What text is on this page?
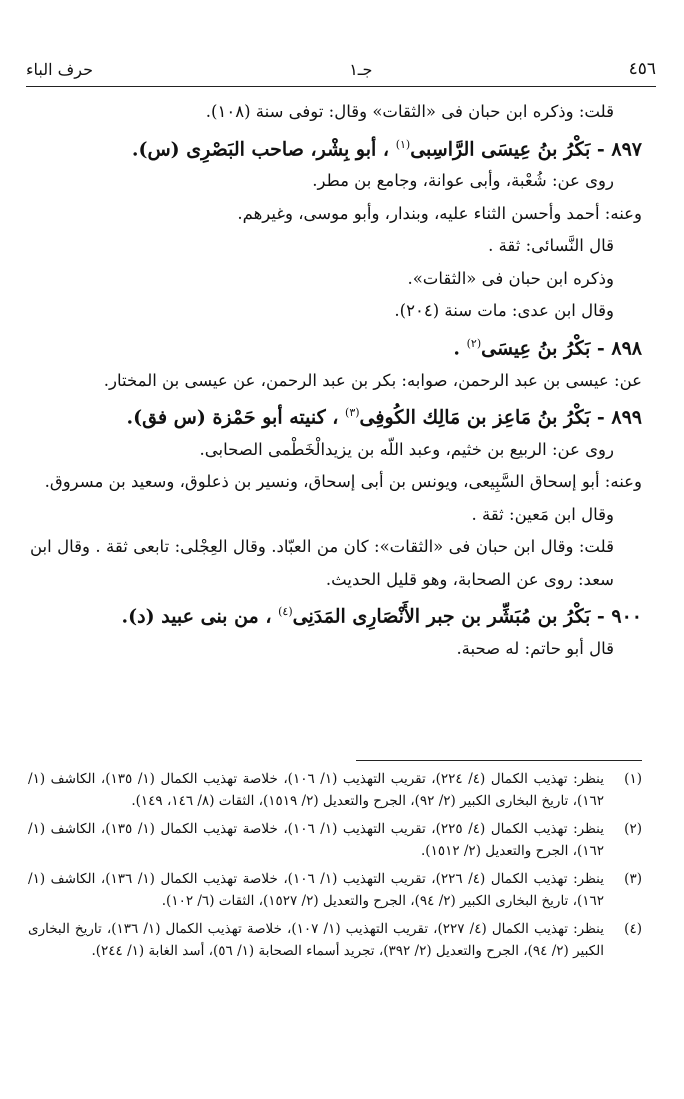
٤٥٦
جـ١
حرف الباء

قلت: وذكره ابن حبان فى «الثقات» وقال: توفى سنة (١٠٨).

٨٩٧ - بَكْرُ بنُ عِيسَى الرَّاسِبى$^{(١)}$ ، أبو بِشْر، صاحب البَصْرِى (س).

روى عن: شُعْبة، وأبى عوانة، وجامع بن مطر.

وعنه: أحمد وأحسن الثناء عليه، وبندار، وأبو موسى، وغيرهم.

قال النَّسائى: ثقة .

وذكره ابن حبان فى «الثقات».

وقال ابن عدى: مات سنة (٢٠٤).

٨٩٨ - بَكْرُ بنُ عِيسَى$^{(٢)}$ .

عن: عيسى بن عبد الرحمن، صوابه: بكر بن عبد الرحمن، عن عيسى بن المختار.

٨٩٩ - بَكْرُ بنُ مَاعِز بن مَالِك الكُوفِى$^{(٣)}$ ، كنيته أبو حَمْزة (س فق).

روى عن: الربيع بن خثيم، وعبد اللّه بن يزيدالْخَطْمى الصحابى.

وعنه: أبو إسحاق السَّبِيعى، ويونس بن أبى إسحاق، ونسير بن ذعلوق، وسعيد بن مسروق.

وقال ابن مَعين: ثقة .

قلت: وقال ابن حبان فى «الثقات»: كان من العبّاد. وقال العِجْلى: تابعى ثقة . وقال ابن سعد: روى عن الصحابة، وهو قليل الحديث.

٩٠٠ - بَكْرُ بن مُبَشِّر بن جبر الأَنْصَارِى المَدَنِى$^{(٤)}$ ، من بنى عبيد (د).

قال أبو حاتم: له صحبة.

(١)
ينظر: تهذيب الكمال (٤/ ٢٢٤)، تقريب التهذيب (١/ ١٠٦)، خلاصة تهذيب الكمال (١/ ١٣٥)، الكاشف (١/ ١٦٢)، تاريخ البخارى الكبير (٢/ ٩٢)، الجرح والتعديل (٢/ ١٥١٩)، الثقات (٨/ ١٤٦، ١٤٩).
(٢)
ينظر: تهذيب الكمال (٤/ ٢٢٥)، تقريب التهذيب (١/ ١٠٦)، خلاصة تهذيب الكمال (١/ ١٣٥)، الكاشف (١/ ١٦٢)، الجرح والتعديل (٢/ ١٥١٢).
(٣)
ينظر: تهذيب الكمال (٤/ ٢٢٦)، تقريب التهذيب (١/ ١٠٦)، خلاصة تهذيب الكمال (١/ ١٣٦)، الكاشف (١/ ١٦٢)، تاريخ البخارى الكبير (٢/ ٩٤)، الجرح والتعديل (٢/ ١٥٢٧)، الثقات (٦/ ١٠٢).
(٤)
ينظر: تهذيب الكمال (٤/ ٢٢٧)، تقريب التهذيب (١/ ١٠٧)، خلاصة تهذيب الكمال (١/ ١٣٦)، تاريخ البخارى الكبير (٢/ ٩٤)، الجرح والتعديل (٢/ ٣٩٢)، تجريد أسماء الصحابة (١/ ٥٦)، أسد الغابة (١/ ٢٤٤).
